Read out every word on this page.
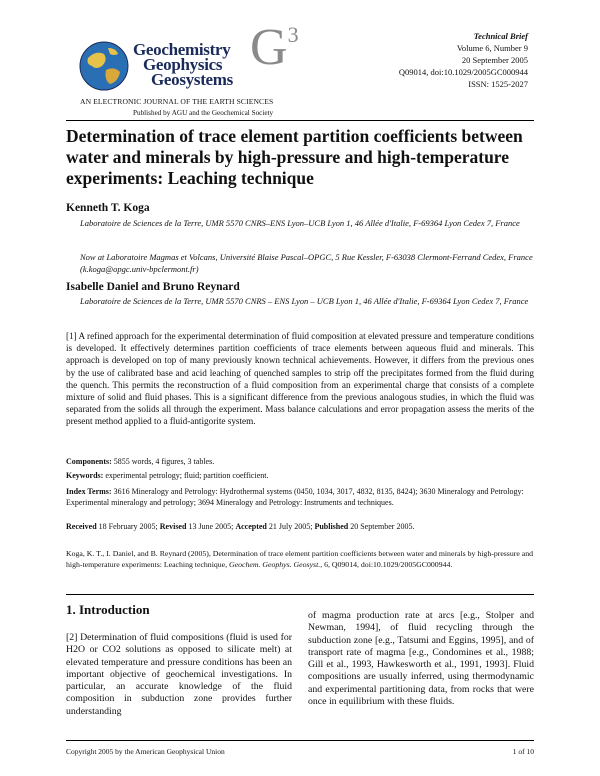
Geochemistry
Geophysics
Geosystems
$G^3$
AN ELECTRONIC JOURNAL OF THE EARTH SCIENCES
Published by AGU and the Geochemical Society
Technical Brief
Volume 6, Number 9
20 September 2005
Q09014, doi:10.1029/2005GC000944
ISSN: 1525-2027
Determination of trace element partition coefficients between water and minerals by high-pressure and high-temperature experiments: Leaching technique
Kenneth T. Koga
Laboratoire de Sciences de la Terre, UMR 5570 CNRS–ENS Lyon–UCB Lyon 1, 46 Allée d'Italie, F-69364 Lyon Cedex 7, France
Now at Laboratoire Magmas et Volcans, Université Blaise Pascal–OPGC, 5 Rue Kessler, F-63038 Clermont-Ferrand Cedex, France (k.koga@opgc.univ-bpclermont.fr)
Isabelle Daniel and Bruno Reynard
Laboratoire de Sciences de la Terre, UMR 5570 CNRS – ENS Lyon – UCB Lyon 1, 46 Allée d'Italie, F-69364 Lyon Cedex 7, France
[1] A refined approach for the experimental determination of fluid composition at elevated pressure and temperature conditions is developed. It effectively determines partition coefficients of trace elements between aqueous fluid and minerals. This approach is developed on top of many previously known technical achievements. However, it differs from the previous ones by the use of calibrated base and acid leaching of quenched samples to strip off the precipitates formed from the fluid during the quench. This permits the reconstruction of a fluid composition from an experimental charge that consists of a complete mixture of solid and fluid phases. This is a significant difference from the previous analogous studies, in which the fluid was separated from the solids all through the experiment. Mass balance calculations and error propagation assess the merits of the present method applied to a fluid-antigorite system.
Components: 5855 words, 4 figures, 3 tables.
Keywords: experimental petrology; fluid; partition coefficient.
Index Terms: 3616 Mineralogy and Petrology: Hydrothermal systems (0450, 1034, 3017, 4832, 8135, 8424); 3630 Mineralogy and Petrology: Experimental mineralogy and petrology; 3694 Mineralogy and Petrology: Instruments and techniques.
Received 18 February 2005; Revised 13 June 2005; Accepted 21 July 2005; Published 20 September 2005.
Koga, K. T., I. Daniel, and B. Reynard (2005), Determination of trace element partition coefficients between water and minerals by high-pressure and high-temperature experiments: Leaching technique, Geochem. Geophys. Geosyst., 6, Q09014, doi:10.1029/2005GC000944.
1. Introduction
[2] Determination of fluid compositions (fluid is used for H2O or CO2 solutions as opposed to silicate melt) at elevated temperature and pressure conditions has been an important objective of geochemical investigations. In particular, an accurate knowledge of the fluid composition in subduction zone provides further understanding
of magma production rate at arcs [e.g., Stolper and Newman, 1994], of fluid recycling through the subduction zone [e.g., Tatsumi and Eggins, 1995], and of transport rate of magma [e.g., Condomines et al., 1988; Gill et al., 1993, Hawkesworth et al., 1991, 1993]. Fluid compositions are usually inferred, using thermodynamic and experimental partitioning data, from rocks that were once in equilibrium with these fluids.
Copyright 2005 by the American Geophysical Union	1 of 10
